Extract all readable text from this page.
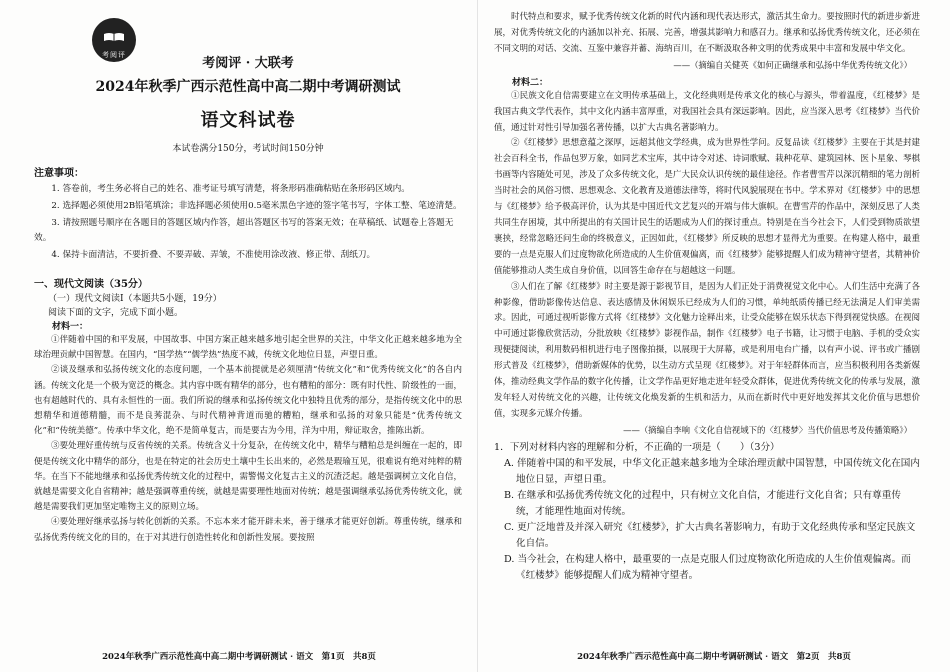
考阅评
考阅评 · 大联考
2024年秋季广西示范性高中高二期中考调研测试
语文科试卷
本试卷满分150分，考试时间150分钟
注意事项：

1. 答卷前，考生务必将自己的姓名、准考证号填写清楚，将条形码准确粘贴在条形码区域内。

2. 选择题必须使用2B铅笔填涂；非选择题必须使用0.5毫米黑色字迹的签字笔书写，字体工整、笔迹清楚。

3. 请按照题号顺序在各题目的答题区域内作答，超出答题区书写的答案无效；在草稿纸、试题卷上答题无效。

4. 保持卡面清洁，不要折叠、不要弄破、弄皱，不准使用涂改液、修正带、刮纸刀。

一、现代文阅读（35分）
（一）现代文阅读Ⅰ（本题共5小题，19分）
阅读下面的文字，完成下面小题。
材料一：

①伴随着中国的和平发展，中国故事、中国方案正越来越多地引起全世界的关注，中华文化正越来越多地为全球治理贡献中国智慧。在国内，“国学热”“儒学热”热度不减，传统文化地位日显，声望日重。

②谈及继承和弘扬传统文化的态度问题，一个基本前提就是必须厘清“传统文化”和“优秀传统文化”的各自内涵。传统文化是一个极为宽泛的概念。其内容中既有精华的部分，也有糟粕的部分：既有时代性、阶级性的一面，也有超越时代的、具有永恒性的一面。我们所说的继承和弘扬传统文化中独特且优秀的部分，是指传统文化中的思想精华和道德精髓，而不是良莠混杂、与时代精神背道而驰的糟粕，继承和弘扬的对象只能是“优秀传统文化”和“传统美德”。传承中华文化，绝不是简单复古，而是要古为今用，洋为中用，辩证取舍，推陈出新。

③要处理好重传统与反省传统的关系。传统含义十分复杂，在传统文化中，精华与糟粕总是纠缠在一起的，即便是传统文化中精华的部分，也是在特定的社会历史土壤中生长出来的，必然是瑕瑜互见，很难说有绝对纯粹的精华。在当下不能地继承和弘扬优秀传统文化的过程中，需警惕文化复古主义的沉渣泛起。越是强调树立文化自信，就越是需要文化自省精神；越是强调尊重传统，就越是需要理性地面对传统；越是强调继承弘扬优秀传统文化，就越是需要我们更加坚定唯物主义的原则立场。

④要处理好继承弘扬与转化创新的关系。不忘本来才能开辟未来，善于继承才能更好创新。尊重传统，继承和弘扬优秀传统文化的目的，在于对其进行创造性转化和创新性发展。要按照

2024年秋季广西示范性高中高二期中考调研测试 · 语文　第1页　共8页

时代特点和要求，赋予优秀传统文化新的时代内涵和现代表达形式，激活其生命力。要按照时代的新进步新进展，对优秀传统文化的内涵加以补充、拓展、完善，增强其影响力和感召力。继承和弘扬优秀传统文化，还必须在不同文明的对话、交流、互鉴中兼容并蓄、海纳百川，在不断汲取各种文明的优秀成果中丰富和发展中华文化。

——（摘编自关健英《如何正确继承和弘扬中华优秀传统文化》）
材料二：

①民族文化自信需要建立在文明传承基础上，文化经典则是传承文化的核心与源头，带着温度，《红楼梦》是我国古典文学代表作，其中文化内涵丰富厚重，对我国社会具有深远影响。因此，应当深入思考《红楼梦》当代价值，通过针对性引导加强名著传播，以扩大古典名著影响力。

②《红楼梦》思想意蕴之深厚，远超其他文学经典，成为世界性学问。反复品读《红楼梦》主要在于其是封建社会百科全书，作品包罗万象，如同艺术宝库，其中诗令对述、诗词歌赋、栽种花草、建筑园林、医卜星象、琴棋书画等内容随处可见，涉及了众多传统文化，是广大民众认识传统的最佳途径。作者曹雪芹以深沉精细的笔力剖析当时社会的风俗习惯、思想观念、文化教育及道德法律等，将时代风貌展现在书中。学术界对《红楼梦》中的思想与《红楼梦》给予极高评价，认为其是中国近代文艺复兴的开端与伟大旗帜。在曹雪芹的作品中，深刻反思了人类共同生存困境，其中所提出的有关国计民生的话题成为人们的探讨重点。特别是在当今社会下，人们受到物质欲望裹挟，经常忽略还问生命的终极意义，正因如此，《红楼梦》所反映的思想才显得尤为重要。在构建人格中，最重要的一点是克服人们过度物欲化所造成的人生价值观偏离，而《红楼梦》能够提醒人们成为精神守望者，其精神价值能够推动人类生成自身价值，以回答生命存在与超越这一问题。

③人们在了解《红楼梦》时主要是源于影视节目，是因为人们正处于消费视觉文化中心。人们生活中充满了各种影像，借助影像传达信息、表达感情及休闲娱乐已经成为人们的习惯，单纯纸质传播已经无法满足人们审美需求。因此，可通过视听影像方式将《红楼梦》文化魅力诠释出来，让受众能够在娱乐状态下得到视觉快感。在视阅中可通过影像欣赏活动，分批放映《红楼梦》影视作品，制作《红楼梦》电子书籍，让习惯于电脑、手机的受众实现便捷阅读，利用数码相机进行电子图像拍摄，以展现于大屏幕，或是利用电台广播，以有声小说、评书或广播剧形式普及《红楼梦》，借助新媒体的优势，以生动方式呈现《红楼梦》。对于年轻群体而言，应当积极利用各类新媒体，推动经典文学作品的数字化传播，让文学作品更好地走进年轻受众群体，促进优秀传统文化的传承与发展，激发年轻人对传统文化的兴趣，让传统文化焕发新的生机和活力，从而在新时代中更好地发挥其文化价值与思想价值，实现多元媒介传播。

——（摘编自李响《文化自信视域下的〈红楼梦〉当代价值思考及传播策略》）
1．下列对材料内容的理解和分析，不正确的一项是（　　）（3分）
A. 伴随着中国的和平发展，中华文化正越来越多地为全球治理贡献中国智慧，中国传统文化在国内地位日显，声望日重。
B. 在继承和弘扬优秀传统文化的过程中，只有树立文化自信，才能进行文化自省；只有尊重传统，才能理性地面对传统。
C. 更广泛地普及并深入研究《红楼梦》，扩大古典名著影响力，有助于文化经典传承和坚定民族文化自信。
D. 当今社会，在构建人格中，最重要的一点是克服人们过度物欲化所造成的人生价值观偏离。而《红楼梦》能够提醒人们成为精神守望者。
2024年秋季广西示范性高中高二期中考调研测试 · 语文　第2页　共8页
